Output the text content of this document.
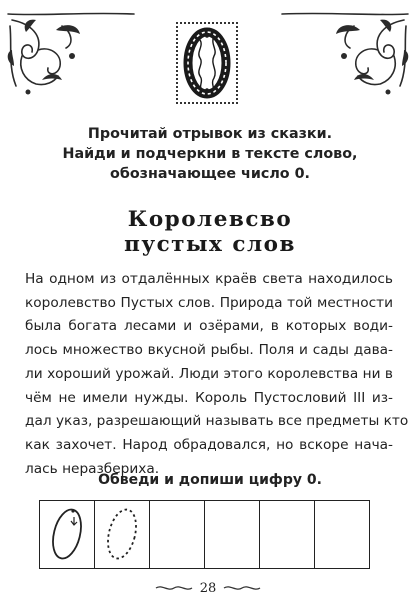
Прочитай отрывок из сказки.
Найди и подчеркни в тексте слово,
обозначающее число 0.
Королевсво
пустых слов
На одном из отдалённых краёв света находилось
королевство Пустых слов. Природа той местности
была богата лесами и озёрами, в которых води-
лось множество вкусной рыбы. Поля и сады дава-
ли хороший урожай. Люди этого королевства ни в
чём не имели нужды. Король Пустословий III из-
дал указ, разрешающий называть все предметы кто
как захочет. Народ обрадовался, но вскоре нача-
лась неразбериха.
Обведи и допиши цифру 0.
28
